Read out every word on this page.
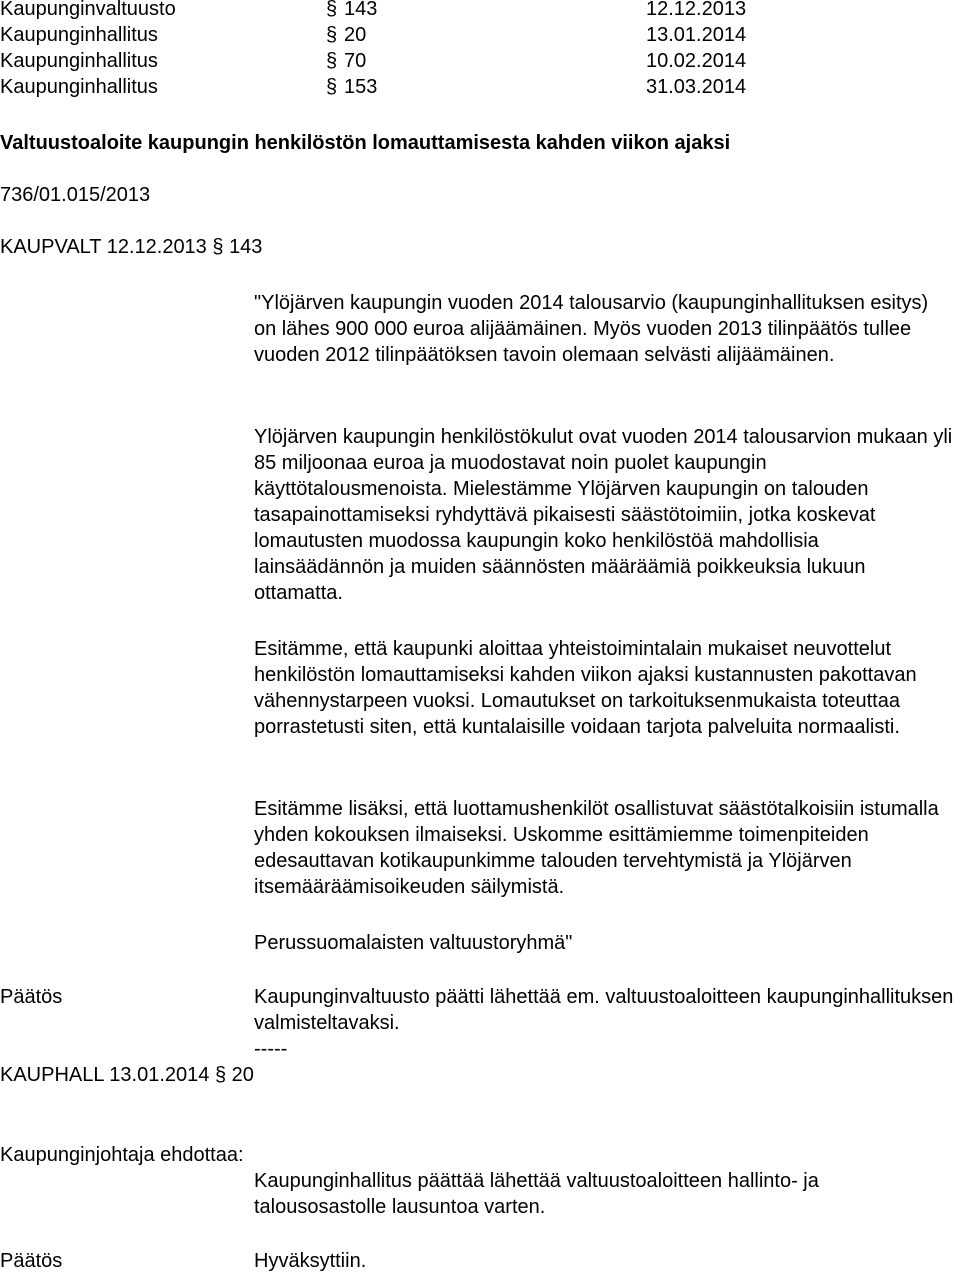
Kaupunginvaltuusto	§ 143	12.12.2013
Kaupunginhallitus	§ 20	13.01.2014
Kaupunginhallitus	§ 70	10.02.2014
Kaupunginhallitus	§ 153	31.03.2014
Valtuustoaloite kaupungin henkilöstön lomauttamisesta kahden viikon ajaksi
736/01.015/2013
KAUPVALT 12.12.2013 § 143

"Ylöjärven kaupungin vuoden 2014 talousarvio (kaupunginhallituksen esitys) on lähes 900 000 euroa alijäämäinen. Myös vuoden 2013 tilinpäätös tullee vuoden 2012 tilinpäätöksen tavoin olemaan selvästi alijäämäinen.

Ylöjärven kaupungin henkilöstökulut ovat vuoden 2014 talousarvion mukaan yli 85 miljoonaa euroa ja muodostavat noin puolet kaupungin käyttötalousmenoista. Mielestämme Ylöjärven kaupungin on talouden tasapainottamiseksi ryhdyttävä pikaisesti säästötoimiin, jotka koskevat lomautusten muodossa kaupungin koko henkilöstöä mahdollisia lainsäädännön ja muiden säännösten määräämiä poikkeuksia lukuun ottamatta.

Esitämme, että kaupunki aloittaa yhteistoimintalain mukaiset neuvottelut henkilöstön lomauttamiseksi kahden viikon ajaksi kustannusten pakottavan vähennystarpeen vuoksi. Lomautukset on tarkoituksenmukaista toteuttaa porrastetusti siten, että kuntalaisille voidaan tarjota palveluita normaalisti.

Esitämme lisäksi, että luottamushenkilöt osallistuvat säästötalkoisiin istumalla yhden kokouksen ilmaiseksi. Uskomme esittämiemme toimenpiteiden edesauttavan kotikaupunkimme talouden tervehtymistä ja Ylöjärven itsemääräämisoikeuden säilymistä.

Perussuomalaisten valtuustoryhmä"

Päätös	Kaupunginvaltuusto päätti lähettää em. valtuustoaloitteen kaupunginhallituksen valmisteltavaksi.

-----
KAUPHALL 13.01.2014 § 20
Kaupunginjohtaja ehdottaa:

Kaupunginhallitus päättää lähettää valtuustoaloitteen hallinto- ja talousosastolle lausuntoa varten.

Päätös	Hyväksyttiin.
